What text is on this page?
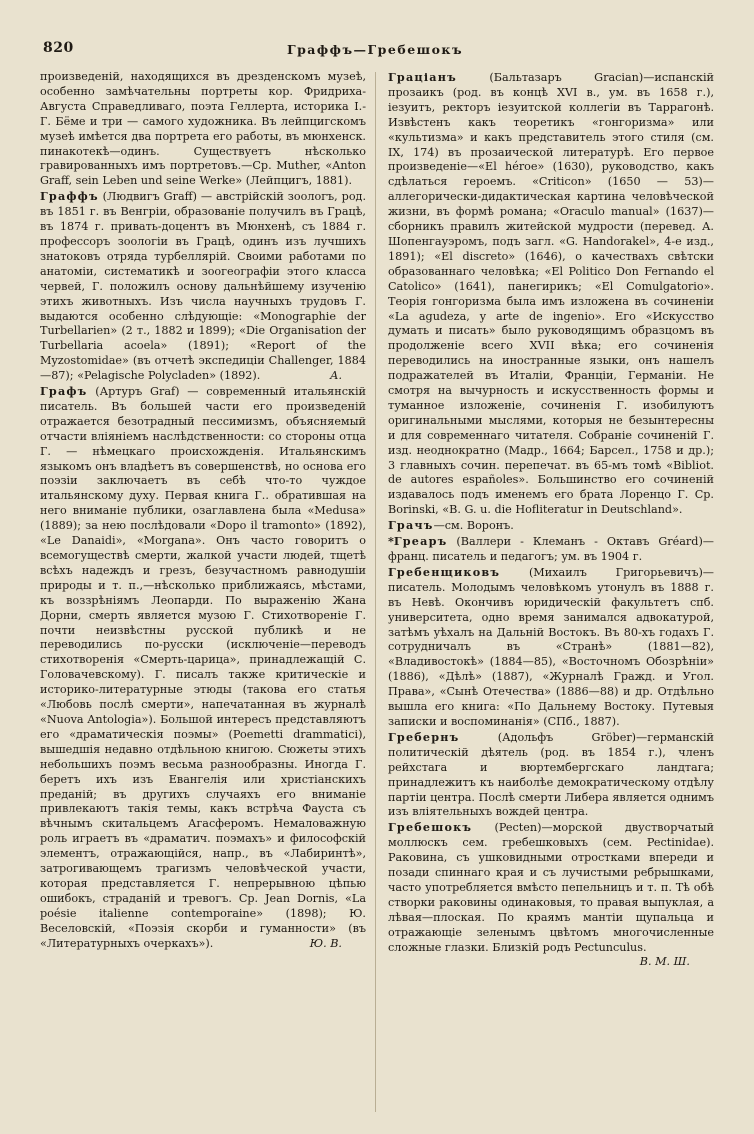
820	Граффъ—Гребешокъ

произведеній, находящихся въ дрезденскомъ музеѣ, особенно замѣчательны портреты кор. Фридриха-Августа Справедливаго, поэта Геллерта, историка І.-Г. Бёме и три — самого художника. Въ лейпцигскомъ музеѣ имѣется два портрета его работы, въ мюнхенск. пинакотекѣ—одинъ. Существуетъ нѣсколько гравированныхъ имъ портретовъ.—Ср. Muther, «Anton Graff, sein Leben und seine Werke» (Лейпцигъ, 1881).

Граффъ (Людвигъ Graff) — австрійскій зоологъ, род. въ 1851 г. въ Венгріи, образованіе получилъ въ Грацѣ, въ 1874 г. привать-доцентъ въ Мюнхенѣ, съ 1884 г. профессоръ зоологіи въ Грацѣ, одинъ изъ лучшихъ знатоковъ отряда турбеллярій. Своими работами по анатоміи, систематикѣ и зоогеографіи этого класса червей, Г. положилъ основу дальнѣйшему изученію этихъ животныхъ. Изъ числа научныхъ трудовъ Г. выдаются особенно слѣдующіе: «Monographie der Turbellarien» (2 т., 1882 и 1899); «Die Organisation der Turbellaria acoela» (1891); «Report of the Myzostomidae» (въ отчетѣ экспедиціи Challenger, 1884—87); «Pelagische Polycladen» (1892).	А.

Графъ (Артуръ Graf) — современный итальянскій писатель. Въ большей части его произведеній отражается безотрадный пессимизмъ, объясняемый отчасти вліяніемъ наслѣдственности: со стороны отца Г. — нѣмецкаго происхожденія. Итальянскимъ языкомъ онъ владѣетъ въ совершенствѣ, но основа его поэзіи заключаетъ въ себѣ что-то чуждое итальянскому духу. Первая книга Г.. обратившая на него вниманіе публики, озаглавлена была «Medusa» (1889); за нею послѣдовали «Dopo il tramonto» (1892), «Le Danaidi», «Morgana». Онъ часто говоритъ о всемогуществѣ смерти, жалкой участи людей, тщетѣ всѣхъ надеждъ и грезъ, безучастномъ равнодушіи природы и т. п.,—нѣсколько приближаясь, мѣстами, къ воззрѣніямъ Леопарди. По выраженію Жана Дорни, смерть является музою Г. Стихотвореніе Г. почти неизвѣстны русской публикѣ и не переводились по-русски (исключеніе—переводъ стихотворенія «Смерть-царица», принадлежащій С. Головачевскому). Г. писалъ также критическіе и историко-литературные этюды (такова его статья «Любовь послѣ смерти», напечатанная въ журналѣ «Nuova Antologia»). Большой интересъ представляютъ его «драматическія поэмы» (Poemetti drammatici), вышедшія недавно отдѣльною книгою. Сюжеты этихъ небольшихъ поэмъ весьма разнообразны. Иногда Г. беретъ ихъ изъ Евангелія или христіанскихъ преданій; въ другихъ случаяхъ его вниманіе привлекаютъ такія темы, какъ встрѣча Фауста съ вѣчнымъ скитальцемъ Агасферомъ. Немаловажную роль играетъ въ «драматич. поэмахъ» и философскій элементъ, отражающійся, напр., въ «Лабиринтѣ», затрогивающемъ трагизмъ человѣческой участи, которая представляется Г. непрерывною цѣпью ошибокъ, страданій и тревогъ. Ср. Jean Dornis, «La poésie italienne contemporaine» (1898); Ю. Веселовскій, «Поэзія скорби и гуманности» (въ «Литературныхъ очеркахъ»).	Ю. В.

Граціанъ (Бальтазаръ Gracian)—испанскій прозаикъ (род. въ концѣ XVI в., ум. въ 1658 г.), іезуитъ, ректоръ іезуитской коллегіи въ Таррагонѣ. Извѣстенъ какъ теоретикъ «гонгоризма» или «культизма» и какъ представитель этого стиля (см. IX, 174) въ прозаической литературѣ. Его первое произведеніе—«El héroe» (1630), руководство, какъ сдѣлаться героемъ. «Criticon» (1650 — 53)—аллегорически-дидактическая картина человѣческой жизни, въ формѣ романа; «Oraculo manual» (1637)—сборникъ правилъ житейской мудрости (перевед. А. Шопенгауэромъ, подъ загл. «G. Handorakel», 4-е изд., 1891); «El discreto» (1646), о качествахъ свѣтски образованнаго человѣка; «El Politico Don Fernando el Catolico» (1641), панегирикъ; «El Comulgatorio». Теорія гонгоризма была имъ изложена въ сочиненіи «La agudeza, y arte de ingenio». Его «Искусство думать и писать» было руководящимъ образцомъ въ продолженіе всего XVII вѣка; его сочиненія переводились на иностранные языки, онъ нашелъ подражателей въ Италіи, Франціи, Германіи. Не смотря на вычурность и искусственность формы и туманное изложеніе, сочиненія Г. изобилуютъ оригинальными мыслями, которыя не безынтересны и для современнаго читателя. Собраніе сочиненій Г. изд. неоднократно (Мадр., 1664; Барсел., 1758 и др.); 3 главныхъ сочин. перепечат. въ 65-мъ томѣ «Bibliot. de autores españoles». Большинство его сочиненій издавалось подъ именемъ его брата Лоренцо Г. Ср. Borinski, «B. G. u. die Hofliteratur in Deutschland».

Грачъ—см. Воронъ.

*Греаръ (Валлери - Клеманъ - Октавъ Gréard)—франц. писатель и педагогъ; ум. въ 1904 г.

Гребенщиковъ (Михаилъ Григорьевичъ)—писатель. Молодымъ человѣкомъ утонулъ въ 1888 г. въ Невѣ. Окончивъ юридическій факультетъ спб. университета, одно время занимался адвокатурой, затѣмъ уѣхалъ на Дальній Востокъ. Въ 80-хъ годахъ Г. сотрудничалъ въ «Странѣ» (1881—82), «Владивостокѣ» (1884—85), «Восточномъ Обозрѣніи» (1886), «Дѣлѣ» (1887), «Журналѣ Гражд. и Угол. Права», «Сынѣ Отечества» (1886—88) и др. Отдѣльно вышла его книга: «По Дальнему Востоку. Путевыя записки и воспоминанія» (СПб., 1887).

Гребернъ (Адольфъ Gröber)—германскій политическій дѣятель (род. въ 1854 г.), членъ рейхстага и вюртембергскаго ландтага; принадлежитъ къ наиболѣе демократическому отдѣлу партіи центра. Послѣ смерти Либера является однимъ изъ вліятельныхъ вождей центра.

Гребешокъ (Pecten)—морской двустворчатый моллюскъ сем. гребешковыхъ (сем. Pectinidae). Раковина, съ ушковидными отростками впереди и позади спиннаго края и съ лучистыми ребрышками, часто употребляется вмѣсто пепельницъ и т. п. Тѣ обѣ створки раковины одинаковыя, то правая выпуклая, а лѣвая—плоская. По краямъ мантіи щупальца и отражающіе зеленымъ цвѣтомъ многочисленные сложные глазки. Близкій родъ Pectunculus.
В. М. Ш.
